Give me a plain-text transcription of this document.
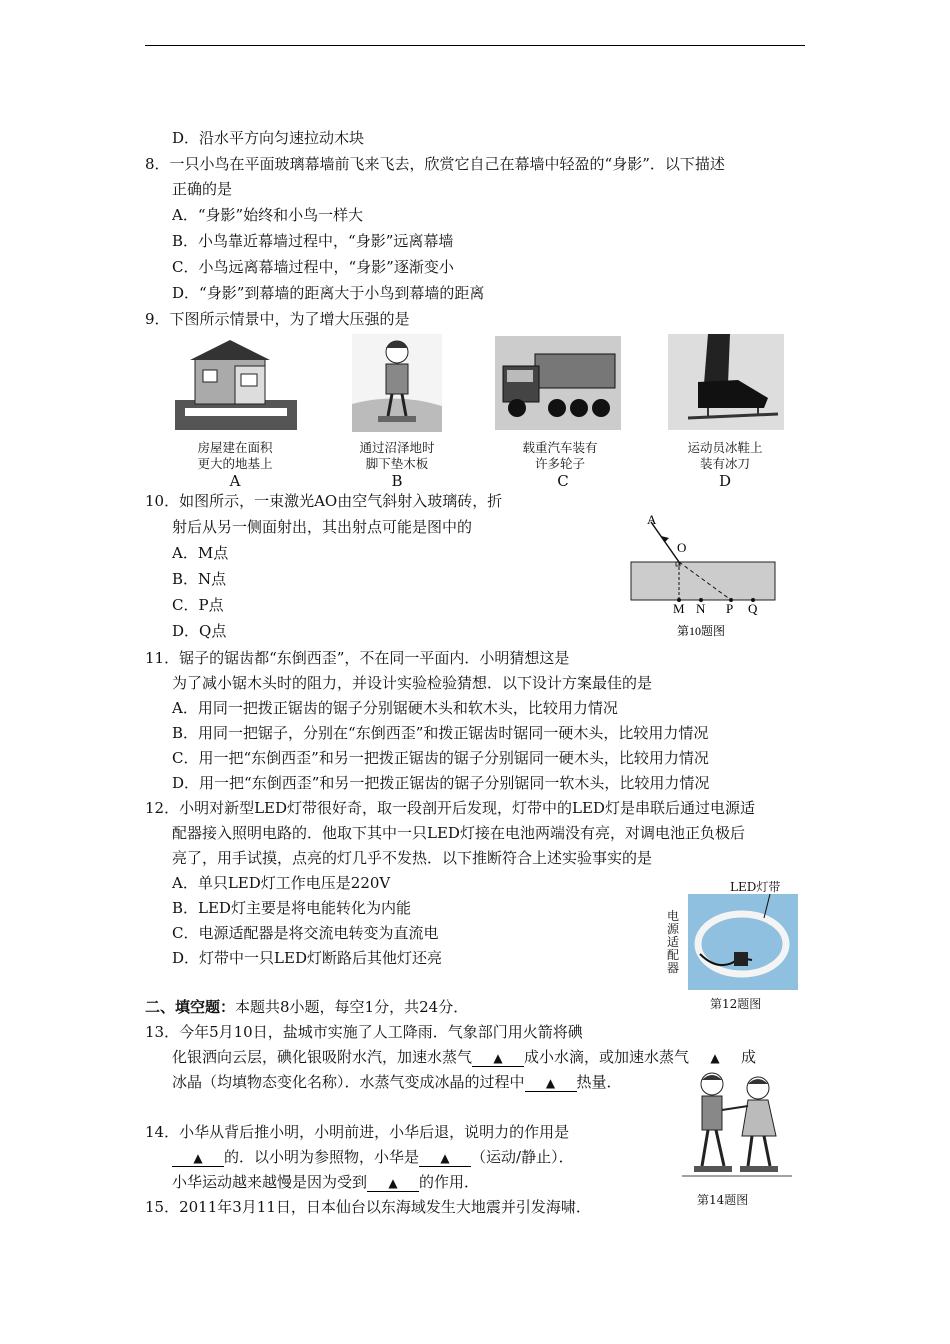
D．沿水平方向匀速拉动木块
8．一只小鸟在平面玻璃幕墙前飞来飞去，欣赏它自己在幕墙中轻盈的“身影”．以下描述
正确的是
A．“身影”始终和小鸟一样大
B．小鸟靠近幕墙过程中，“身影”远离幕墙
C．小鸟远离幕墙过程中，“身影”逐渐变小
D．“身影”到幕墙的距离大于小鸟到幕墙的距离
9．下图所示情景中，为了增大压强的是
房屋建在面积
更大的地基上
A
通过沼泽地时
脚下垫木板
B
载重汽车装有
许多轮子
C
运动员冰鞋上
装有冰刀
D
10．如图所示，一束激光AO由空气斜射入玻璃砖，折
射后从另一侧面射出，其出射点可能是图中的
A．M点
B．N点
C．P点
D．Q点
A
O
M N P Q
第10题图
11．锯子的锯齿都“东倒西歪”，不在同一平面内．小明猜想这是
为了减小锯木头时的阻力，并设计实验检验猜想．以下设计方案最佳的是
A．用同一把拨正锯齿的锯子分别锯硬木头和软木头，比较用力情况
B．用同一把锯子，分别在“东倒西歪”和拨正锯齿时锯同一硬木头，比较用力情况
C．用一把“东倒西歪”和另一把拨正锯齿的锯子分别锯同一硬木头，比较用力情况
D．用一把“东倒西歪”和另一把拨正锯齿的锯子分别锯同一软木头，比较用力情况
12．小明对新型LED灯带很好奇，取一段剖开后发现，灯带中的LED灯是串联后通过电源适
配器接入照明电路的．他取下其中一只LED灯接在电池两端没有亮，对调电池正负极后
亮了，用手试摸，点亮的灯几乎不发热．以下推断符合上述实验事实的是
A．单只LED灯工作电压是220V
B．LED灯主要是将电能转化为内能
C．电源适配器是将交流电转变为直流电
D．灯带中一只LED灯断路后其他灯还亮
LED灯带
电源适配器
第12题图
二、填空题：本题共8小题，每空1分，共24分．
13．今年5月10日，盐城市实施了人工降雨．气象部门用火箭将碘
化银洒向云层，碘化银吸附水汽，加速水蒸气 ▲ 成小水滴，或加速水蒸气 ▲ 成
冰晶（均填物态变化名称）．水蒸气变成冰晶的过程中 ▲ 热量．
14．小华从背后推小明，小明前进，小华后退，说明力的作用是
▲ 的．以小明为参照物，小华是 ▲ （运动/静止）．
小华运动越来越慢是因为受到 ▲ 的作用．
第14题图
15．2011年3月11日，日本仙台以东海域发生大地震并引发海啸．
